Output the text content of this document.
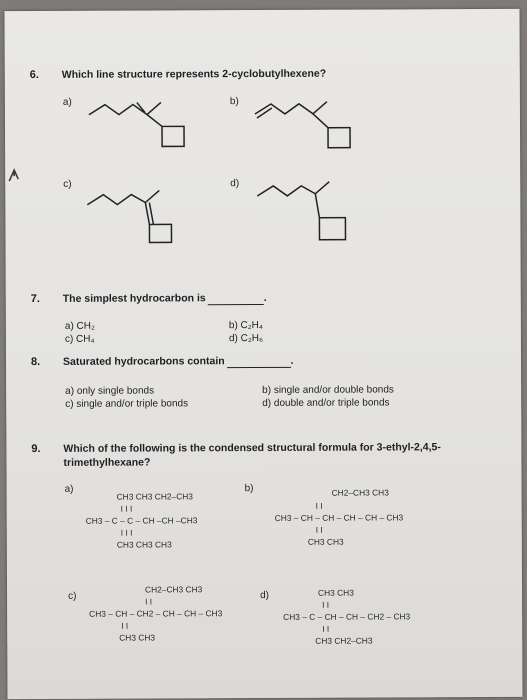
6. Which line structure represents 2-cyclobutylhexene?
a)	b)
c)	d)
7. The simplest hydrocarbon is	.
a) CH₂	b) C₂H₄
c) CH₄	d) C₂H₆
8. Saturated hydrocarbons contain	.
a) only single bonds	b) single and/or double bonds
c) single and/or triple bonds	d) double and/or triple bonds
9. Which of the following is the condensed structural formula for 3-ethyl-2,4,5-
trimethylhexane?
a)
CH3 CH3 CH2–CH3
I I I
CH3 – C – C – CH –CH –CH3
I I I
CH3 CH3 CH3
b)	CH2–CH3 CH3
I I
CH3 – CH – CH – CH – CH – CH3
I I
CH3 CH3
c)
CH2–CH3 CH3
I I
CH3 – CH – CH2 – CH – CH – CH3
I I
CH3 CH3
d)	CH3 CH3
I I
CH3 – C – CH – CH – CH2 – CH3
I I
CH3 CH2–CH3
